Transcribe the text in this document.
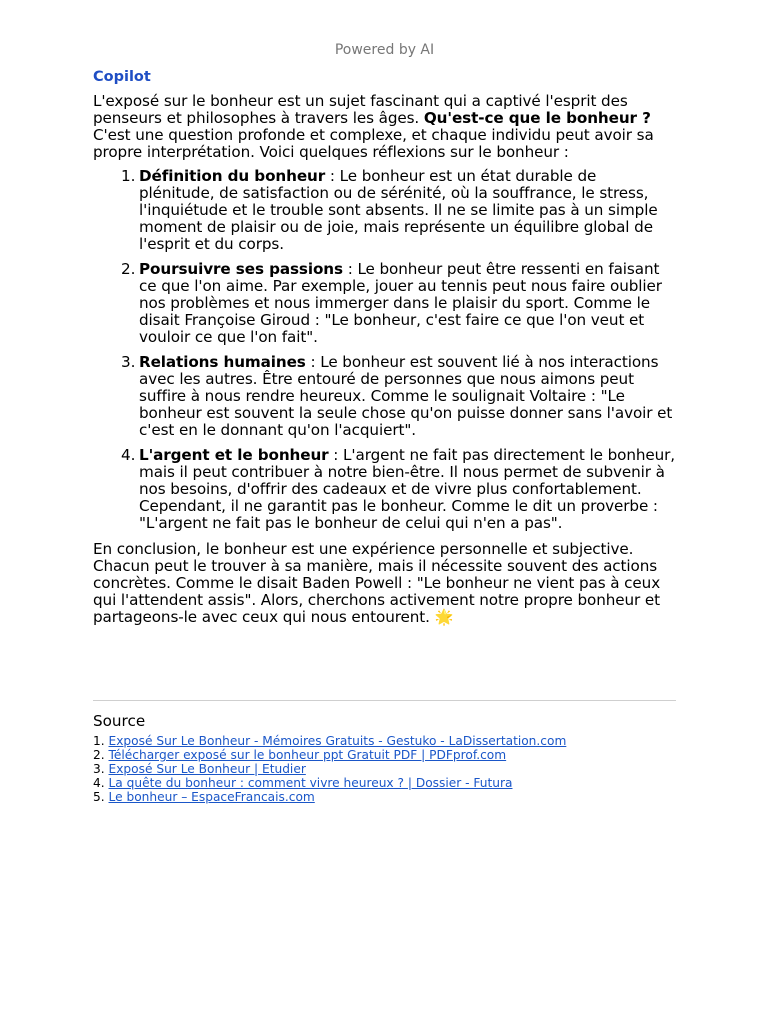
Powered by AI
Copilot

L'exposé sur le bonheur est un sujet fascinant qui a captivé l'esprit des penseurs et philosophes à travers les âges. Qu'est-ce que le bonheur ? C'est une question profonde et complexe, et chaque individu peut avoir sa propre interprétation. Voici quelques réflexions sur le bonheur :

1. Définition du bonheur : Le bonheur est un état durable de plénitude, de satisfaction ou de sérénité, où la souffrance, le stress, l'inquiétude et le trouble sont absents. Il ne se limite pas à un simple moment de plaisir ou de joie, mais représente un équilibre global de l'esprit et du corps.
2. Poursuivre ses passions : Le bonheur peut être ressenti en faisant ce que l'on aime. Par exemple, jouer au tennis peut nous faire oublier nos problèmes et nous immerger dans le plaisir du sport. Comme le disait Françoise Giroud : "Le bonheur, c'est faire ce que l'on veut et vouloir ce que l'on fait".
3. Relations humaines : Le bonheur est souvent lié à nos interactions avec les autres. Être entouré de personnes que nous aimons peut suffire à nous rendre heureux. Comme le soulignait Voltaire : "Le bonheur est souvent la seule chose qu'on puisse donner sans l'avoir et c'est en le donnant qu'on l'acquiert".
4. L'argent et le bonheur : L'argent ne fait pas directement le bonheur, mais il peut contribuer à notre bien-être. Il nous permet de subvenir à nos besoins, d'offrir des cadeaux et de vivre plus confortablement. Cependant, il ne garantit pas le bonheur. Comme le dit un proverbe : "L'argent ne fait pas le bonheur de celui qui n'en a pas".

En conclusion, le bonheur est une expérience personnelle et subjective. Chacun peut le trouver à sa manière, mais il nécessite souvent des actions concrètes. Comme le disait Baden Powell : "Le bonheur ne vient pas à ceux qui l'attendent assis". Alors, cherchons activement notre propre bonheur et partageons-le avec ceux qui nous entourent. 🌟

Source
1. Exposé Sur Le Bonheur - Mémoires Gratuits - Gestuko - LaDissertation.com
2. Télécharger exposé sur le bonheur ppt Gratuit PDF | PDFprof.com
3. Exposé Sur Le Bonheur | Etudier
4. La quête du bonheur : comment vivre heureux ? | Dossier - Futura
5. Le bonheur – EspaceFrancais.com
